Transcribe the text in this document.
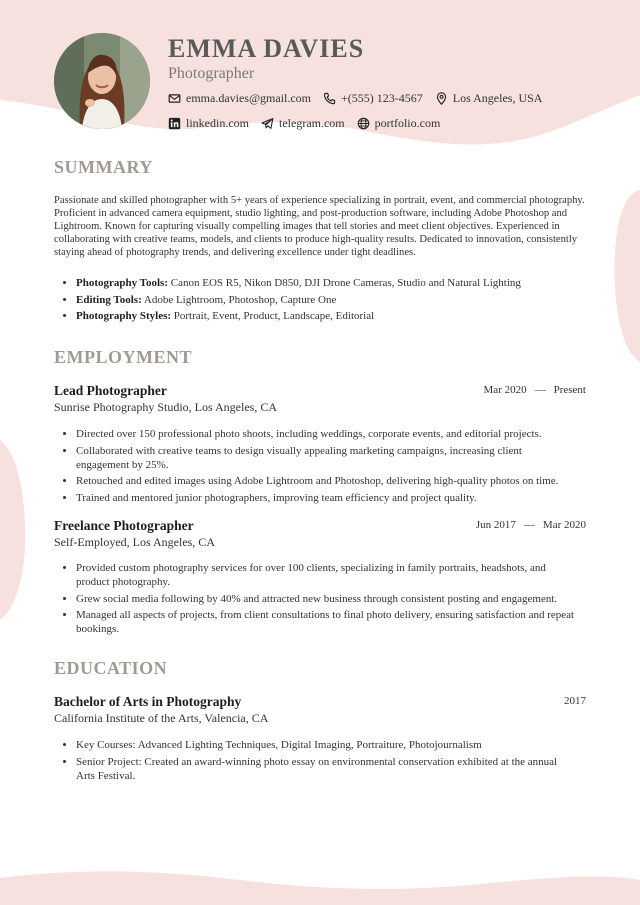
EMMA DAVIES
Photographer
emma.davies@gmail.com	+(555) 123-4567	Los Angeles, USA
linkedin.com	telegram.com	portfolio.com
SUMMARY

Passionate and skilled photographer with 5+ years of experience specializing in portrait, event, and commercial photography. Proficient in advanced camera equipment, studio lighting, and post-production software, including Adobe Photoshop and Lightroom. Known for capturing visually compelling images that tell stories and meet client objectives. Experienced in collaborating with creative teams, models, and clients to produce high-quality results. Dedicated to innovation, consistently staying ahead of photography trends, and delivering excellence under tight deadlines.

• Photography Tools: Canon EOS R5, Nikon D850, DJI Drone Cameras, Studio and Natural Lighting
• Editing Tools: Adobe Lightroom, Photoshop, Capture One
• Photography Styles: Portrait, Event, Product, Landscape, Editorial
EMPLOYMENT
Lead Photographer	Mar 2020 — Present
Sunrise Photography Studio, Los Angeles, CA
• Directed over 150 professional photo shoots, including weddings, corporate events, and editorial projects.
• Collaborated with creative teams to design visually appealing marketing campaigns, increasing client engagement by 25%.
• Retouched and edited images using Adobe Lightroom and Photoshop, delivering high-quality photos on time.
• Trained and mentored junior photographers, improving team efficiency and project quality.
Freelance Photographer	Jun 2017 — Mar 2020
Self-Employed, Los Angeles, CA
• Provided custom photography services for over 100 clients, specializing in family portraits, headshots, and product photography.
• Grew social media following by 40% and attracted new business through consistent posting and engagement.
• Managed all aspects of projects, from client consultations to final photo delivery, ensuring satisfaction and repeat bookings.
EDUCATION
Bachelor of Arts in Photography	2017
California Institute of the Arts, Valencia, CA
• Key Courses: Advanced Lighting Techniques, Digital Imaging, Portraiture, Photojournalism
• Senior Project: Created an award-winning photo essay on environmental conservation exhibited at the annual Arts Festival.
